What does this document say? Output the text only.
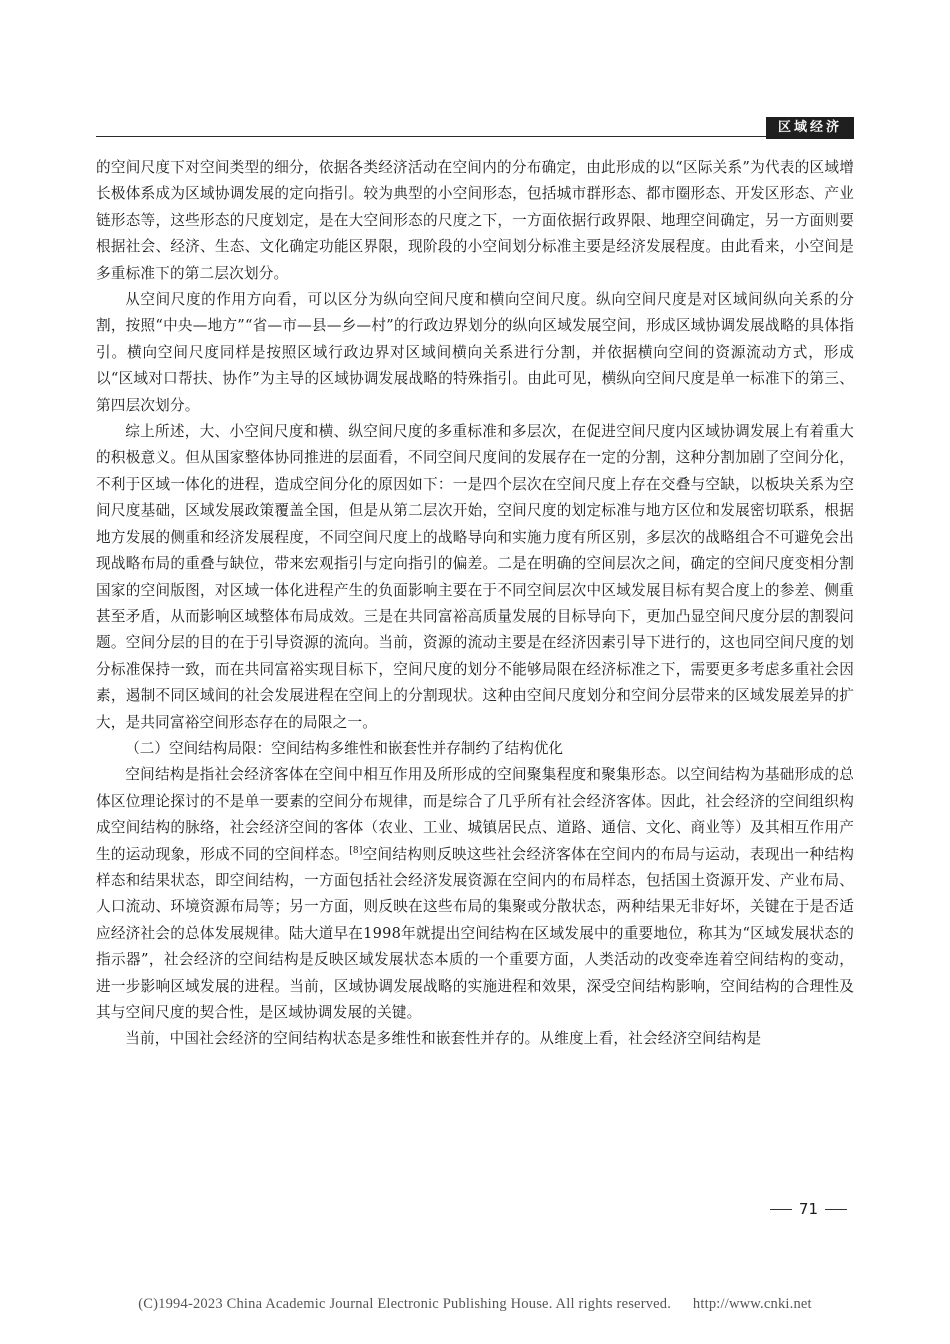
区域经济

的空间尺度下对空间类型的细分，依据各类经济活动在空间内的分布确定，由此形成的以“区际关系”为代表的区域增长极体系成为区域协调发展的定向指引。较为典型的小空间形态，包括城市群形态、都市圈形态、开发区形态、产业链形态等，这些形态的尺度划定，是在大空间形态的尺度之下，一方面依据行政界限、地理空间确定，另一方面则要根据社会、经济、生态、文化确定功能区界限，现阶段的小空间划分标准主要是经济发展程度。由此看来，小空间是多重标准下的第二层次划分。

从空间尺度的作用方向看，可以区分为纵向空间尺度和横向空间尺度。纵向空间尺度是对区域间纵向关系的分割，按照“中央—地方”“省—市—县—乡—村”的行政边界划分的纵向区域发展空间，形成区域协调发展战略的具体指引。横向空间尺度同样是按照区域行政边界对区域间横向关系进行分割，并依据横向空间的资源流动方式，形成以“区域对口帮扶、协作”为主导的区域协调发展战略的特殊指引。由此可见，横纵向空间尺度是单一标准下的第三、第四层次划分。

综上所述，大、小空间尺度和横、纵空间尺度的多重标准和多层次，在促进空间尺度内区域协调发展上有着重大的积极意义。但从国家整体协同推进的层面看，不同空间尺度间的发展存在一定的分割，这种分割加剧了空间分化，不利于区域一体化的进程，造成空间分化的原因如下：一是四个层次在空间尺度上存在交叠与空缺，以板块关系为空间尺度基础，区域发展政策覆盖全国，但是从第二层次开始，空间尺度的划定标准与地方区位和发展密切联系，根据地方发展的侧重和经济发展程度，不同空间尺度上的战略导向和实施力度有所区别，多层次的战略组合不可避免会出现战略布局的重叠与缺位，带来宏观指引与定向指引的偏差。二是在明确的空间层次之间，确定的空间尺度变相分割国家的空间版图，对区域一体化进程产生的负面影响主要在于不同空间层次中区域发展目标有契合度上的参差、侧重甚至矛盾，从而影响区域整体布局成效。三是在共同富裕高质量发展的目标导向下，更加凸显空间尺度分层的割裂问题。空间分层的目的在于引导资源的流向。当前，资源的流动主要是在经济因素引导下进行的，这也同空间尺度的划分标准保持一致，而在共同富裕实现目标下，空间尺度的划分不能够局限在经济标准之下，需要更多考虑多重社会因素，遏制不同区域间的社会发展进程在空间上的分割现状。这种由空间尺度划分和空间分层带来的区域发展差异的扩大，是共同富裕空间形态存在的局限之一。

（二）空间结构局限：空间结构多维性和嵌套性并存制约了结构优化

空间结构是指社会经济客体在空间中相互作用及所形成的空间聚集程度和聚集形态。以空间结构为基础形成的总体区位理论探讨的不是单一要素的空间分布规律，而是综合了几乎所有社会经济客体。因此，社会经济的空间组织构成空间结构的脉络，社会经济空间的客体（农业、工业、城镇居民点、道路、通信、文化、商业等）及其相互作用产生的运动现象，形成不同的空间样态。[8]空间结构则反映这些社会经济客体在空间内的布局与运动，表现出一种结构样态和结果状态，即空间结构，一方面包括社会经济发展资源在空间内的布局样态，包括国土资源开发、产业布局、人口流动、环境资源布局等；另一方面，则反映在这些布局的集聚或分散状态，两种结果无非好坏，关键在于是否适应经济社会的总体发展规律。陆大道早在1998年就提出空间结构在区域发展中的重要地位，称其为“区域发展状态的指示器”，社会经济的空间结构是反映区域发展状态本质的一个重要方面，人类活动的改变牵连着空间结构的变动，进一步影响区域发展的进程。当前，区域协调发展战略的实施进程和效果，深受空间结构影响，空间结构的合理性及其与空间尺度的契合性，是区域协调发展的关键。

当前，中国社会经济的空间结构状态是多维性和嵌套性并存的。从维度上看，社会经济空间结构是

71
(C)1994-2023 China Academic Journal Electronic Publishing House. All rights reserved. http://www.cnki.net
